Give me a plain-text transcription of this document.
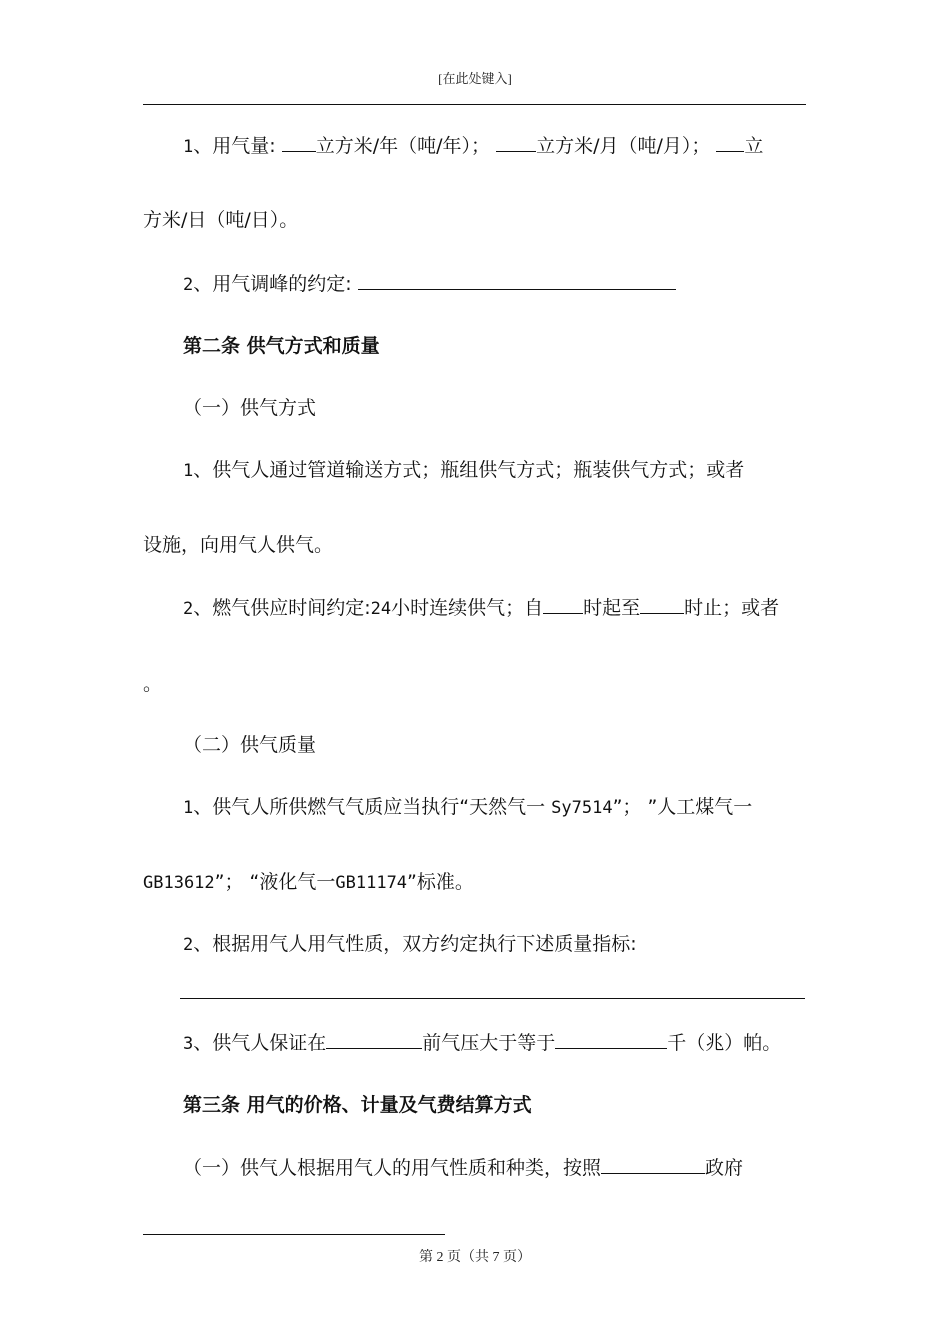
[在此处键入]
1、用气量: 立方米/年（吨/年）； 立方米/月（吨/月）； 立
方米/日（吨/日）。
2、用气调峰的约定:
第二条 供气方式和质量
（一）供气方式
1、供气人通过管道输送方式；瓶组供气方式；瓶装供气方式；或者
设施，向用气人供气。
2、燃气供应时间约定:24小时连续供气；自 时起至 时止；或者
。
（二）供气质量
1、供气人所供燃气气质应当执行“天然气一 Sy7514”； ”人工煤气一
GB13612”； “液化气一GB11174”标准。
2、根据用气人用气性质，双方约定执行下述质量指标:
3、供气人保证在	前气压大于等于	千（兆）帕。
第三条 用气的价格、计量及气费结算方式
（一）供气人根据用气人的用气性质和种类，按照	政府
第 2 页（共 7 页）
